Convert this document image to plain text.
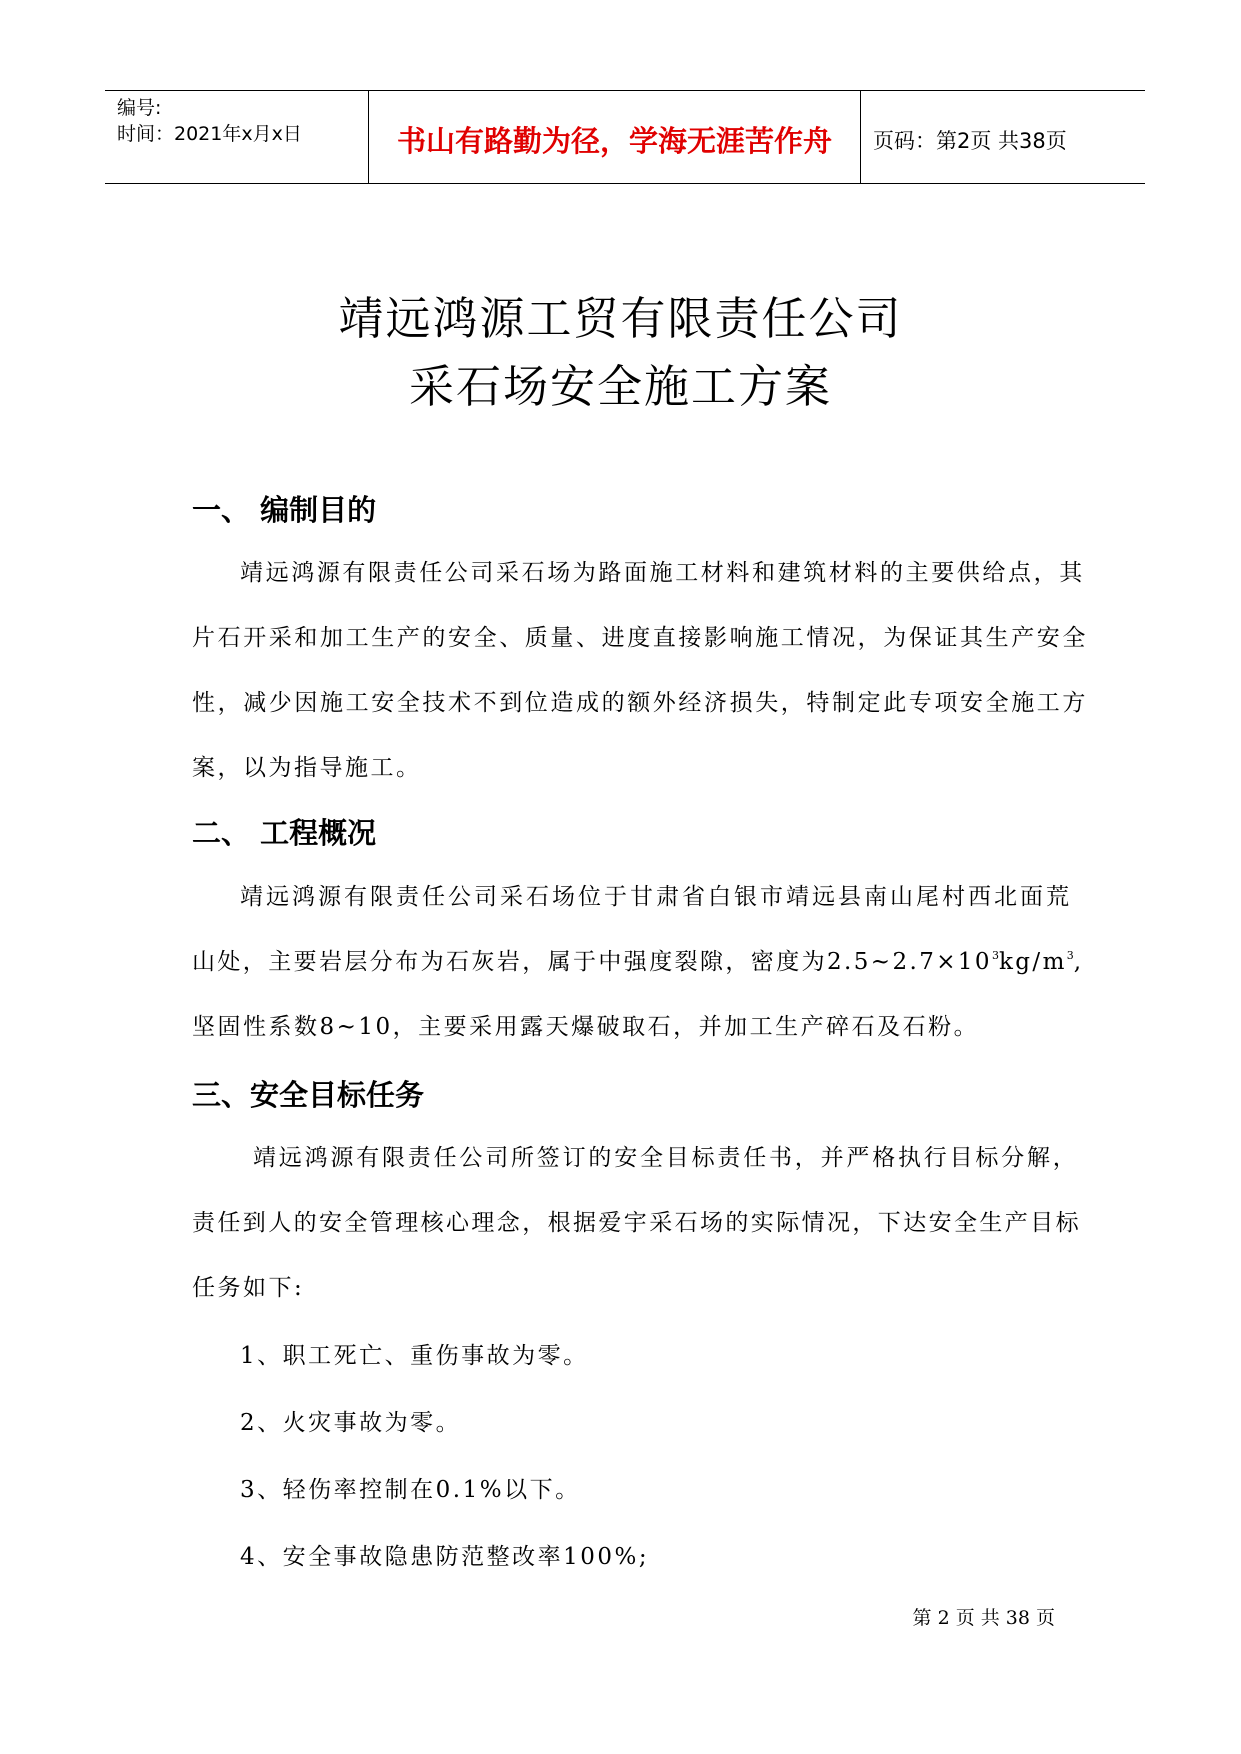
编号:
时间：2021年x月x日	书山有路勤为径，学海无涯苦作舟	页码：第2页 共38页
靖远鸿源工贸有限责任公司
采石场安全施工方案
一、 编制目的
靖远鸿源有限责任公司采石场为路面施工材料和建筑材料的主要供给点，其
片石开采和加工生产的安全、质量、进度直接影响施工情况，为保证其生产安全
性，减少因施工安全技术不到位造成的额外经济损失，特制定此专项安全施工方
案，以为指导施工。
二、 工程概况
靖远鸿源有限责任公司采石场位于甘肃省白银市靖远县南山尾村西北面荒
山处，主要岩层分布为石灰岩，属于中强度裂隙，密度为$2.5\sim 2.7\times 10^3kg/m^3$,
坚固性系数8~10，主要采用露天爆破取石，并加工生产碎石及石粉。
三、安全目标任务
靖远鸿源有限责任公司所签订的安全目标责任书，并严格执行目标分解，
责任到人的安全管理核心理念，根据爱宇采石场的实际情况，下达安全生产目标
任务如下:
1、职工死亡、重伤事故为零。
2、火灾事故为零。
3、轻伤率控制在0.1%以下。
4、安全事故隐患防范整改率100%;
第 2 页 共 38 页
